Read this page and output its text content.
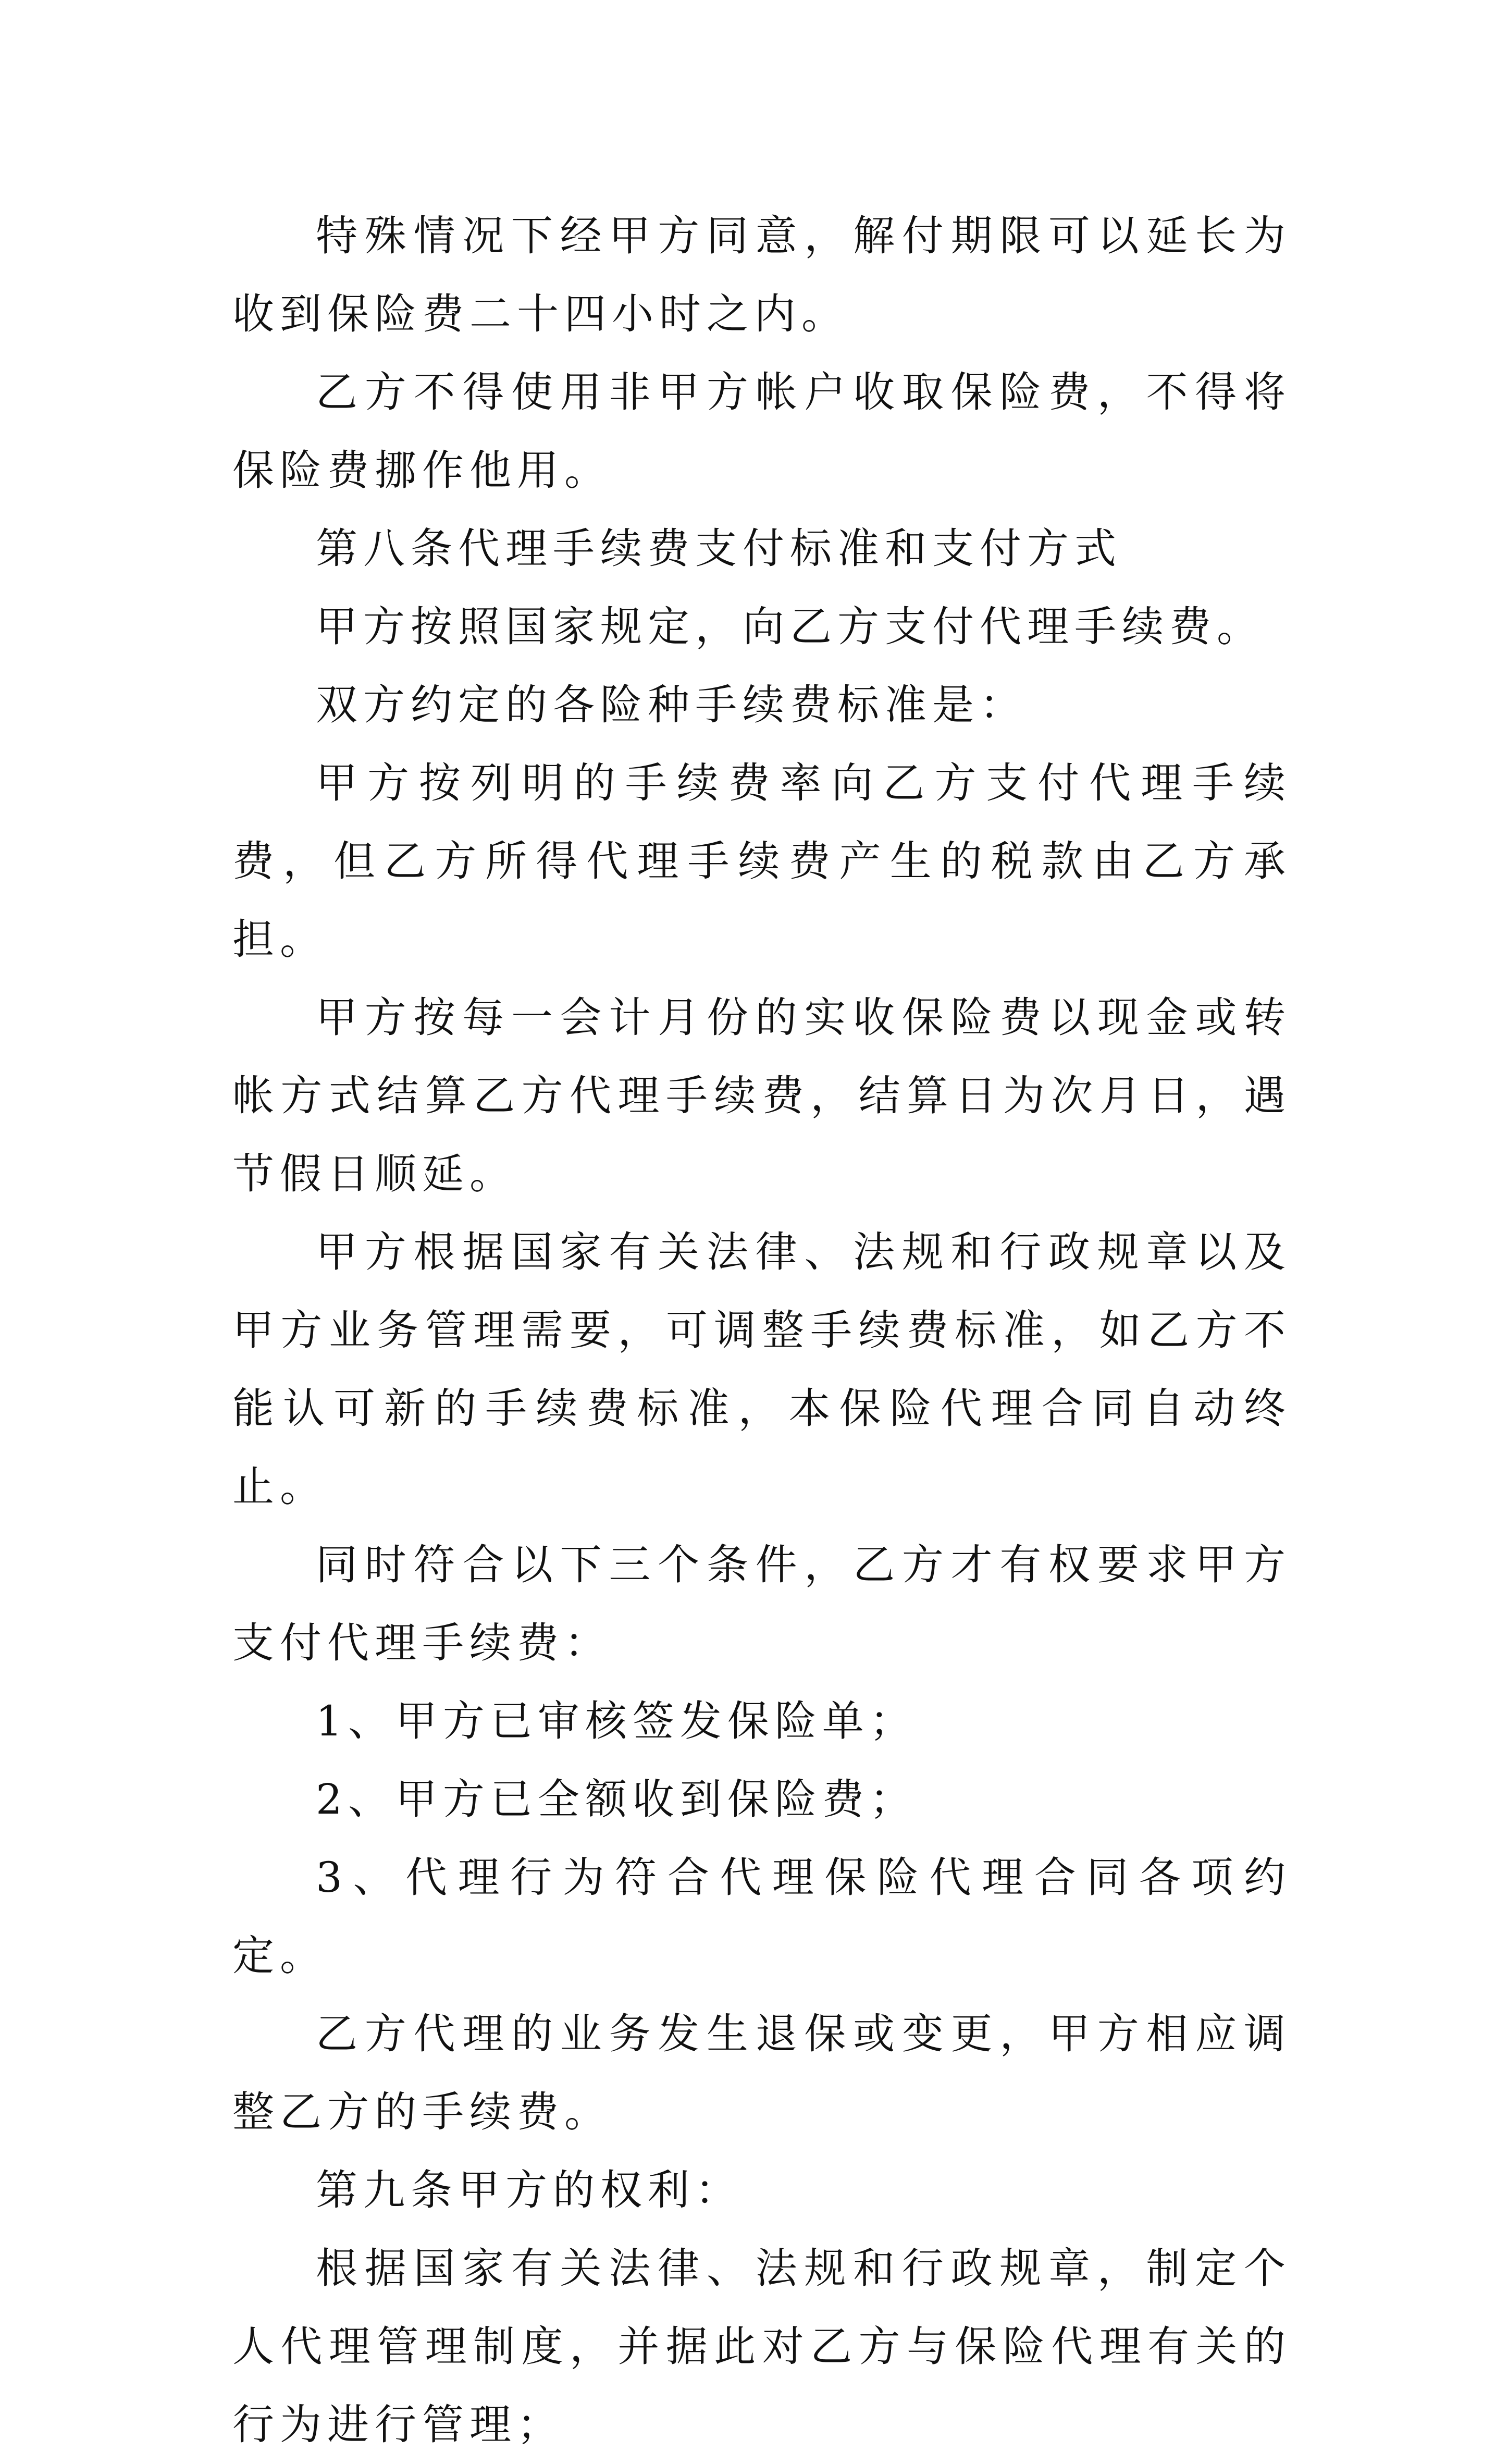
特殊情况下经甲方同意，解付期限可以延长为收到保险费二十四小时之内。

乙方不得使用非甲方帐户收取保险费，不得将保险费挪作他用。

第八条代理手续费支付标准和支付方式

甲方按照国家规定，向乙方支付代理手续费。

双方约定的各险种手续费标准是：

甲方按列明的手续费率向乙方支付代理手续费，但乙方所得代理手续费产生的税款由乙方承担。

甲方按每一会计月份的实收保险费以现金或转帐方式结算乙方代理手续费，结算日为次月日，遇节假日顺延。

甲方根据国家有关法律、法规和行政规章以及甲方业务管理需要，可调整手续费标准，如乙方不能认可新的手续费标准，本保险代理合同自动终止。

同时符合以下三个条件，乙方才有权要求甲方支付代理手续费：

1、甲方已审核签发保险单；

2、甲方已全额收到保险费；

3、代理行为符合代理保险代理合同各项约定。

乙方代理的业务发生退保或变更，甲方相应调整乙方的手续费。

第九条甲方的权利：

根据国家有关法律、法规和行政规章，制定个人代理管理制度，并据此对乙方与保险代理有关的行为进行管理；
